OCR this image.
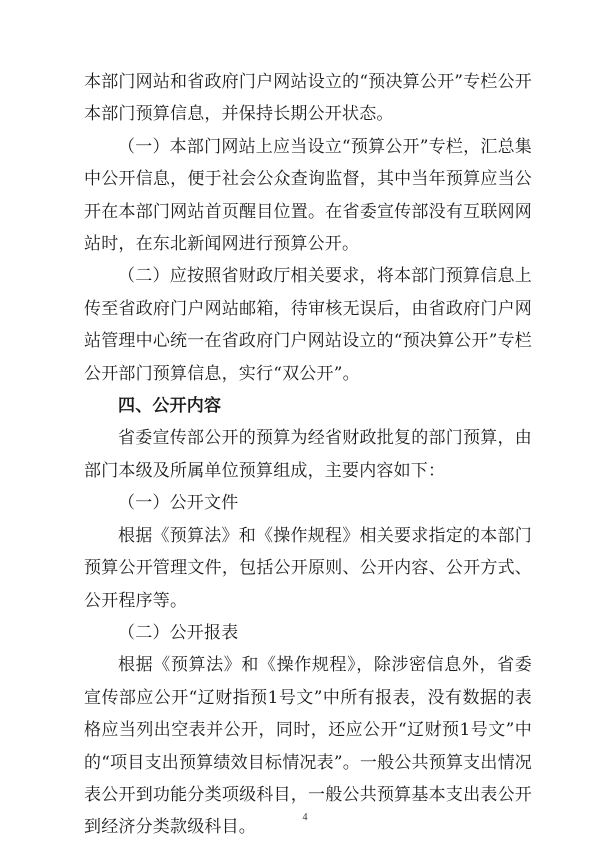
本部门网站和省政府门户网站设立的“预决算公开”专栏公开本部门预算信息，并保持长期公开状态。

（一）本部门网站上应当设立“预算公开”专栏，汇总集中公开信息，便于社会公众查询监督，其中当年预算应当公开在本部门网站首页醒目位置。在省委宣传部没有互联网网站时，在东北新闻网进行预算公开。

（二）应按照省财政厅相关要求，将本部门预算信息上传至省政府门户网站邮箱，待审核无误后，由省政府门户网站管理中心统一在省政府门户网站设立的“预决算公开”专栏公开部门预算信息，实行“双公开”。

四、公开内容

省委宣传部公开的预算为经省财政批复的部门预算，由部门本级及所属单位预算组成，主要内容如下：

（一）公开文件

根据《预算法》和《操作规程》相关要求指定的本部门预算公开管理文件，包括公开原则、公开内容、公开方式、公开程序等。

（二）公开报表

根据《预算法》和《操作规程》，除涉密信息外，省委宣传部应公开“辽财指预1号文”中所有报表，没有数据的表格应当列出空表并公开，同时，还应公开“辽财预1号文”中的“项目支出预算绩效目标情况表”。一般公共预算支出情况表公开到功能分类项级科目，一般公共预算基本支出表公开到经济分类款级科目。	4
